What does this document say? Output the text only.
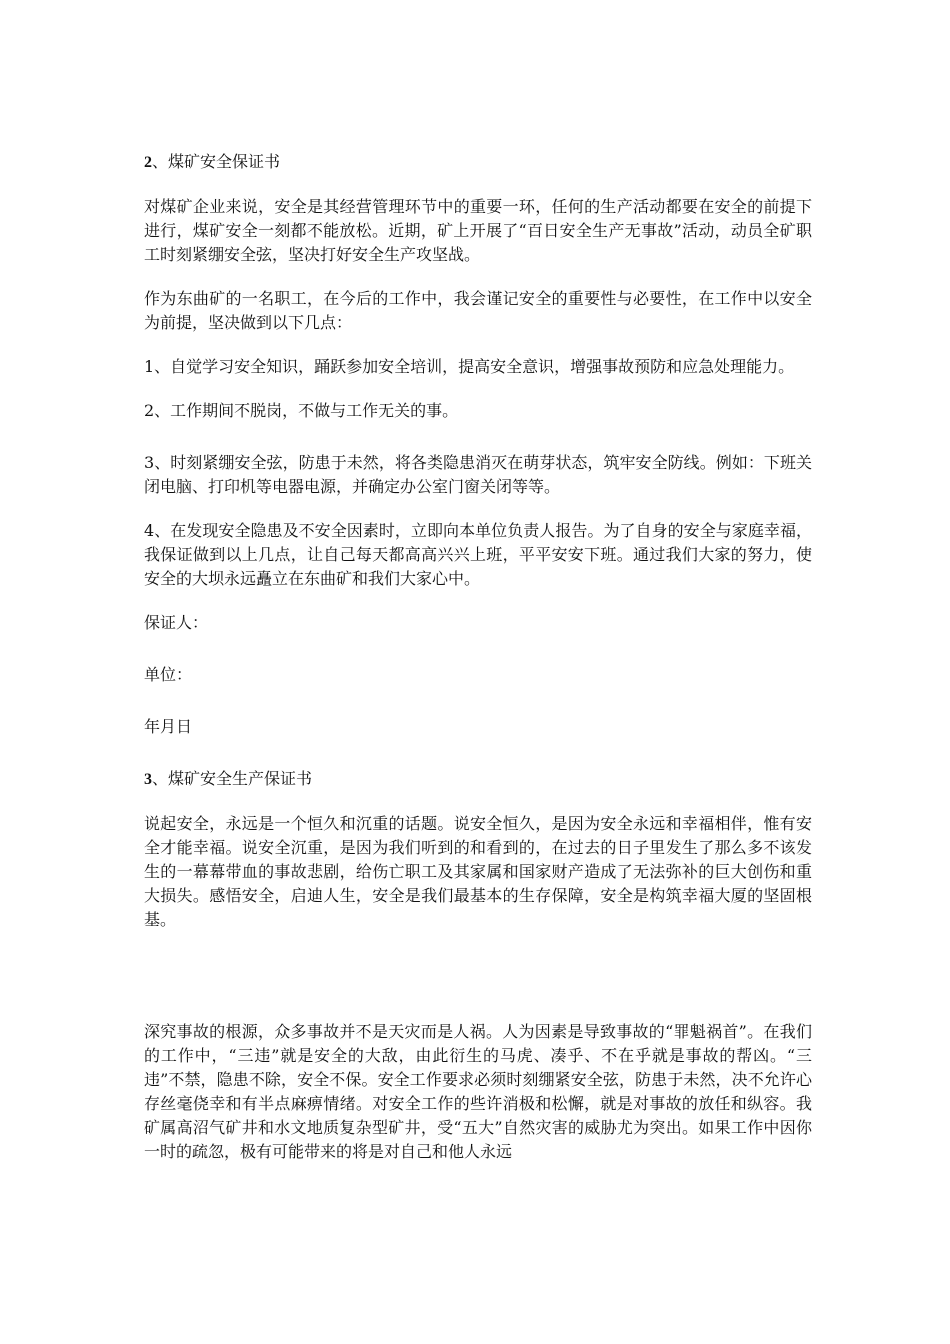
2、煤矿安全保证书

对煤矿企业来说，安全是其经营管理环节中的重要一环，任何的生产活动都要在安全的前提下进行，煤矿安全一刻都不能放松。近期，矿上开展了“百日安全生产无事故”活动，动员全矿职工时刻紧绷安全弦，坚决打好安全生产攻坚战。

作为东曲矿的一名职工，在今后的工作中，我会谨记安全的重要性与必要性，在工作中以安全为前提，坚决做到以下几点：

1、自觉学习安全知识，踊跃参加安全培训，提高安全意识，增强事故预防和应急处理能力。

2、工作期间不脱岗，不做与工作无关的事。

3、时刻紧绷安全弦，防患于未然，将各类隐患消灭在萌芽状态，筑牢安全防线。例如：下班关闭电脑、打印机等电器电源，并确定办公室门窗关闭等等。

4、在发现安全隐患及不安全因素时，立即向本单位负责人报告。为了自身的安全与家庭幸福，我保证做到以上几点，让自己每天都高高兴兴上班，平平安安下班。通过我们大家的努力，使安全的大坝永远矗立在东曲矿和我们大家心中。

保证人：

单位：

年月日

3、煤矿安全生产保证书

说起安全，永远是一个恒久和沉重的话题。说安全恒久，是因为安全永远和幸福相伴，惟有安全才能幸福。说安全沉重，是因为我们听到的和看到的，在过去的日子里发生了那么多不该发生的一幕幕带血的事故悲剧，给伤亡职工及其家属和国家财产造成了无法弥补的巨大创伤和重大损失。感悟安全，启迪人生，安全是我们最基本的生存保障，安全是构筑幸福大厦的坚固根基。

深究事故的根源，众多事故并不是天灾而是人祸。人为因素是导致事故的“罪魁祸首”。在我们的工作中，“三违”就是安全的大敌，由此衍生的马虎、凑乎、不在乎就是事故的帮凶。“三违”不禁，隐患不除，安全不保。安全工作要求必须时刻绷紧安全弦，防患于未然，决不允许心存丝毫侥幸和有半点麻痹情绪。对安全工作的些许消极和松懈，就是对事故的放任和纵容。我矿属高沼气矿井和水文地质复杂型矿井，受“五大”自然灾害的威胁尤为突出。如果工作中因你一时的疏忽，极有可能带来的将是对自己和他人永远
